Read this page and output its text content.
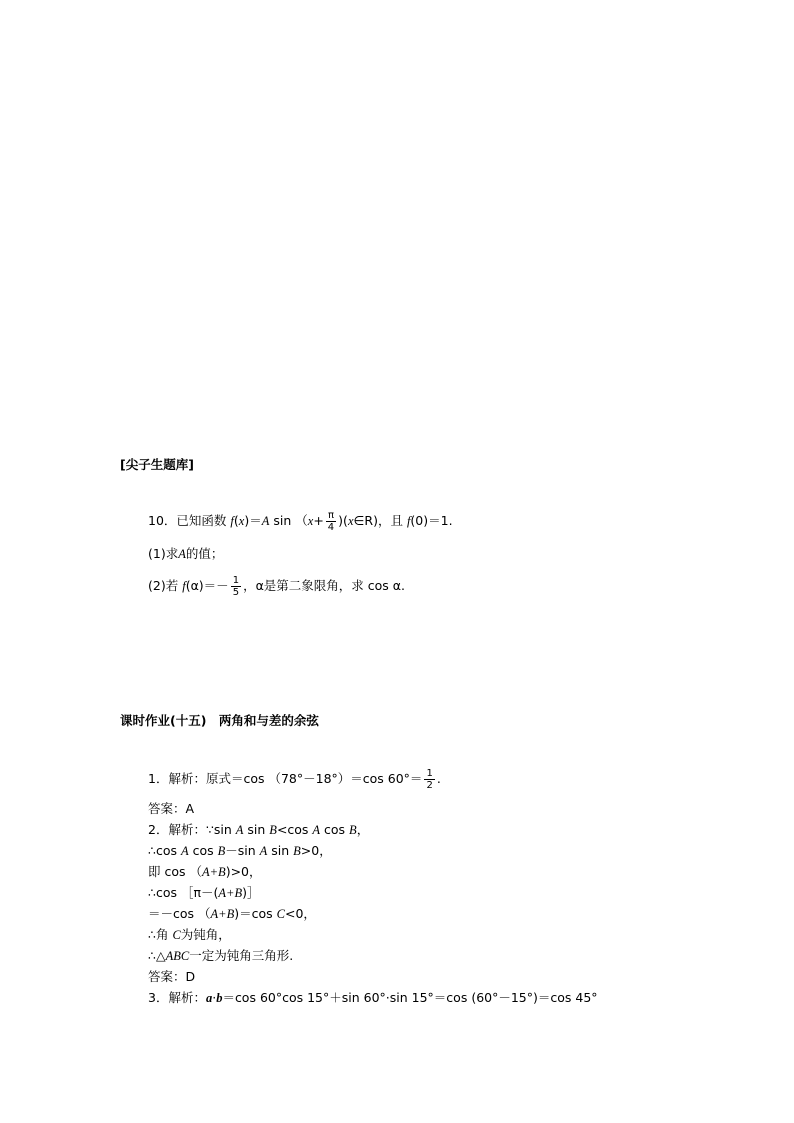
[尖子生题库]
10．已知函数 f(x)＝A $\sin (x+ \frac{\pi}{4}$ )(x∈R)，且 f(0)＝1.
(1)求A的值；
(2)若 $f(\alpha)=- \frac{1}{5}$ ，α是第二象限角，求 cos α.
课时作业(十五)　两角和与差的余弦
1．解析：原式＝cos （78°－18°）＝cos $60^\circ= \frac{1}{2}$ .
答案：A
2．解析：∵sin A sin B<cos A cos B，
∴cos A cos B－sin A sin B>0，
即 cos （A+B)>0，
∴cos ［π－(A+B)］
＝－cos （A+B)＝cos C<0，
∴角 C为钝角，
∴△ABC一定为钝角三角形.
答案：D
3．解析：a·b＝cos 60°cos 15°＋sin 60°·sin 15°＝cos (60°－15°)＝cos 45°
